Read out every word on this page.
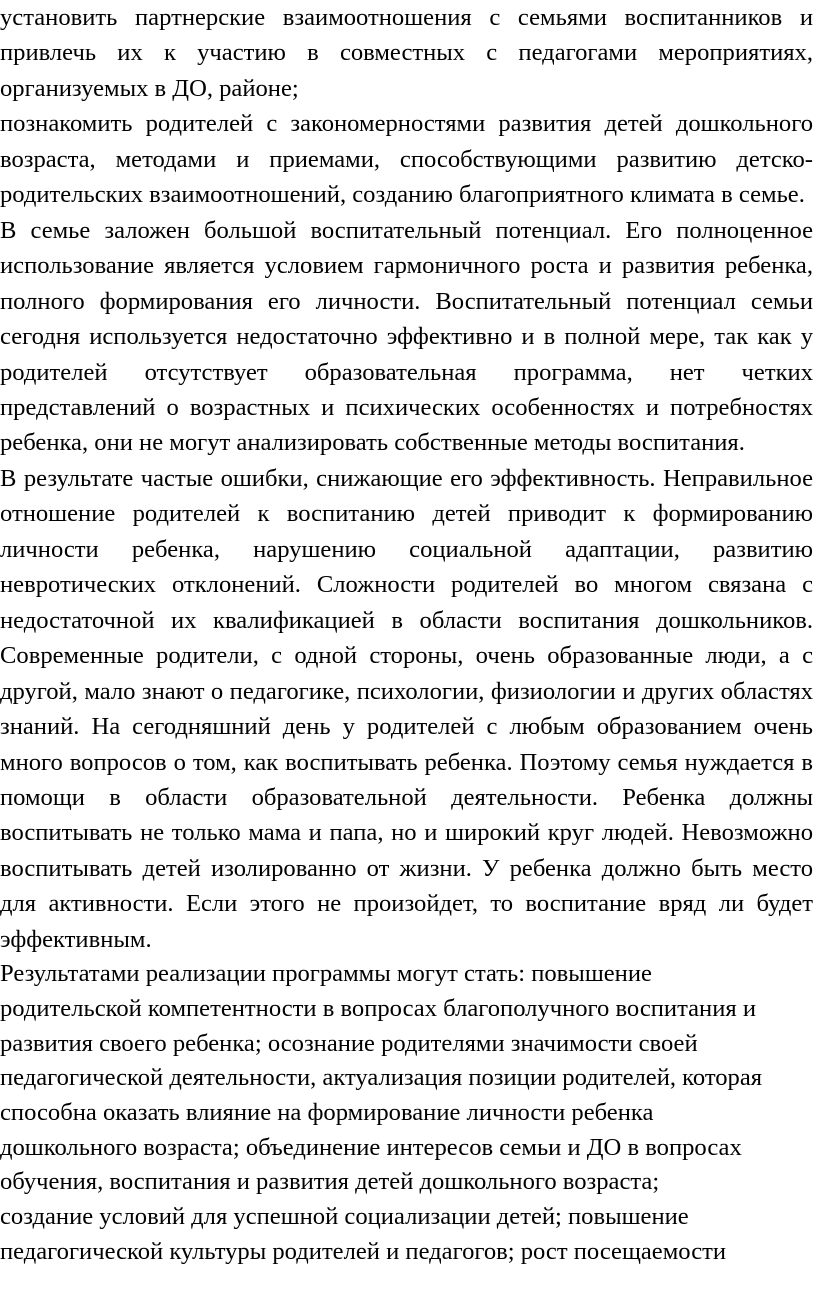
установить партнерские взаимоотношения с семьями воспитанников и привлечь их к участию в совместных с педагогами мероприятиях, организуемых в ДО, районе;

познакомить родителей с закономерностями развития детей дошкольного возраста, методами и приемами, способствующими развитию детско-родительских взаимоотношений, созданию благоприятного климата в семье.

В семье заложен большой воспитательный потенциал. Его полноценное использование является условием гармоничного роста и развития ребенка, полного формирования его личности. Воспитательный потенциал семьи сегодня используется недостаточно эффективно и в полной мере, так как у родителей отсутствует образовательная программа, нет четких представлений о возрастных и психических особенностях и потребностях ребенка, они не могут анализировать собственные методы воспитания.

В результате частые ошибки, снижающие его эффективность. Неправильное отношение родителей к воспитанию детей приводит к формированию личности ребенка, нарушению социальной адаптации, развитию невротических отклонений. Сложности родителей во многом связана с недостаточной их квалификацией в области воспитания дошкольников. Современные родители, с одной стороны, очень образованные люди, а с другой, мало знают о педагогике, психологии, физиологии и других областях знаний. На сегодняшний день у родителей с любым образованием очень много вопросов о том, как воспитывать ребенка. Поэтому семья нуждается в помощи в области образовательной деятельности. Ребенка должны воспитывать не только мама и папа, но и широкий круг людей. Невозможно воспитывать детей изолированно от жизни. У ребенка должно быть место для активности. Если этого не произойдет, то воспитание вряд ли будет эффективным.

Результатами реализации программы могут стать: повышение
родительской компетентности в вопросах благополучного воспитания и
развития своего ребенка; осознание родителями значимости своей
педагогической деятельности, актуализация позиции родителей, которая
способна оказать влияние на формирование личности ребенка
дошкольного возраста; объединение интересов семьи и ДО в вопросах
обучения, воспитания и развития детей дошкольного возраста;
создание условий для успешной социализации детей; повышение
педагогической культуры родителей и педагогов; рост посещаемости
